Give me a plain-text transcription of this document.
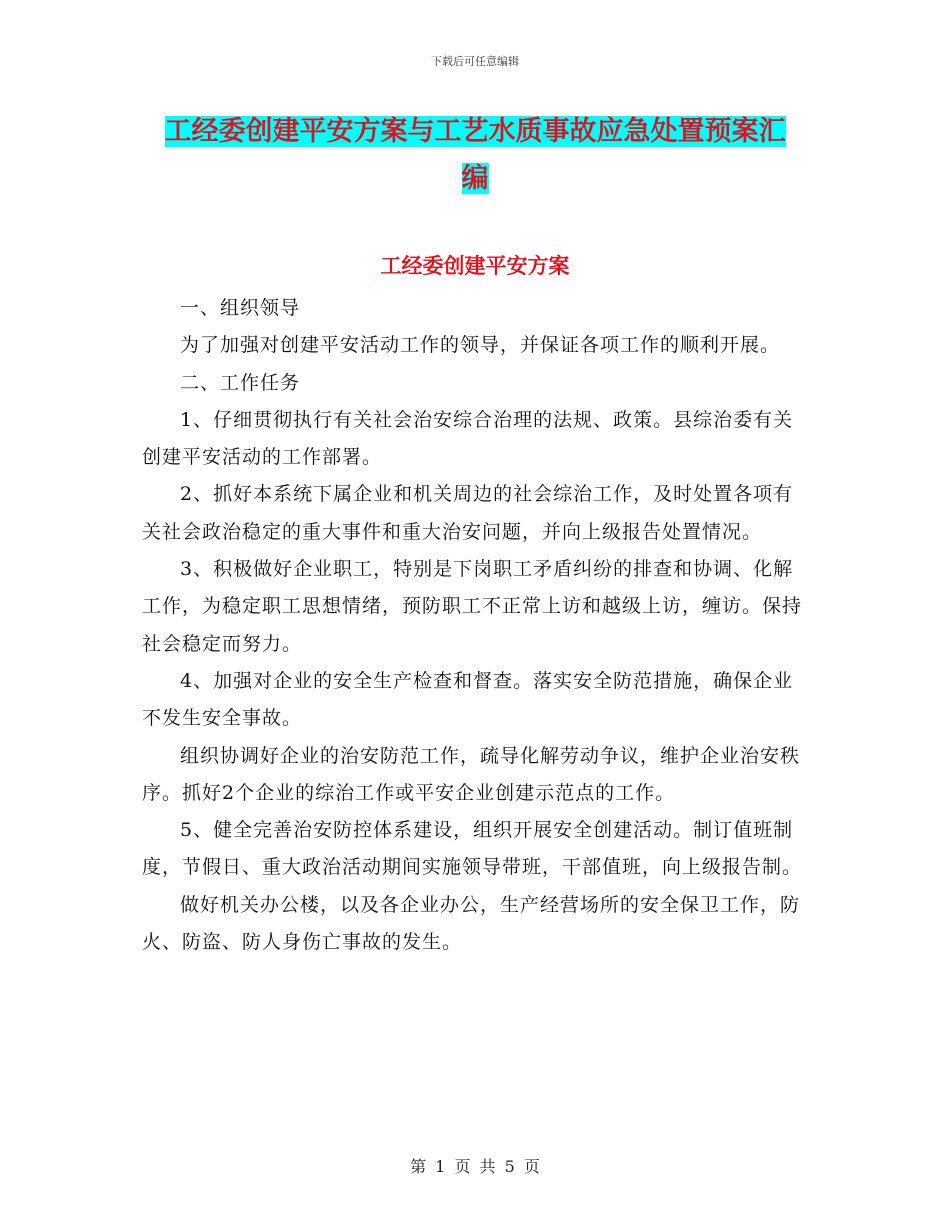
下载后可任意编辑
工经委创建平安方案与工艺水质事故应急处置预案汇
编
工经委创建平安方案

一、组织领导

为了加强对创建平安活动工作的领导，并保证各项工作的顺利开展。

二、工作任务

1、仔细贯彻执行有关社会治安综合治理的法规、政策。县综治委有关创建平安活动的工作部署。

2、抓好本系统下属企业和机关周边的社会综治工作，及时处置各项有关社会政治稳定的重大事件和重大治安问题，并向上级报告处置情况。

3、积极做好企业职工，特别是下岗职工矛盾纠纷的排查和协调、化解工作，为稳定职工思想情绪，预防职工不正常上访和越级上访，缠访。保持社会稳定而努力。

4、加强对企业的安全生产检查和督查。落实安全防范措施，确保企业不发生安全事故。

组织协调好企业的治安防范工作，疏导化解劳动争议，维护企业治安秩序。抓好2个企业的综治工作或平安企业创建示范点的工作。

5、健全完善治安防控体系建设，组织开展安全创建活动。制订值班制度，节假日、重大政治活动期间实施领导带班，干部值班，向上级报告制。

做好机关办公楼，以及各企业办公，生产经营场所的安全保卫工作，防火、防盗、防人身伤亡事故的发生。

第 1 页 共 5 页
